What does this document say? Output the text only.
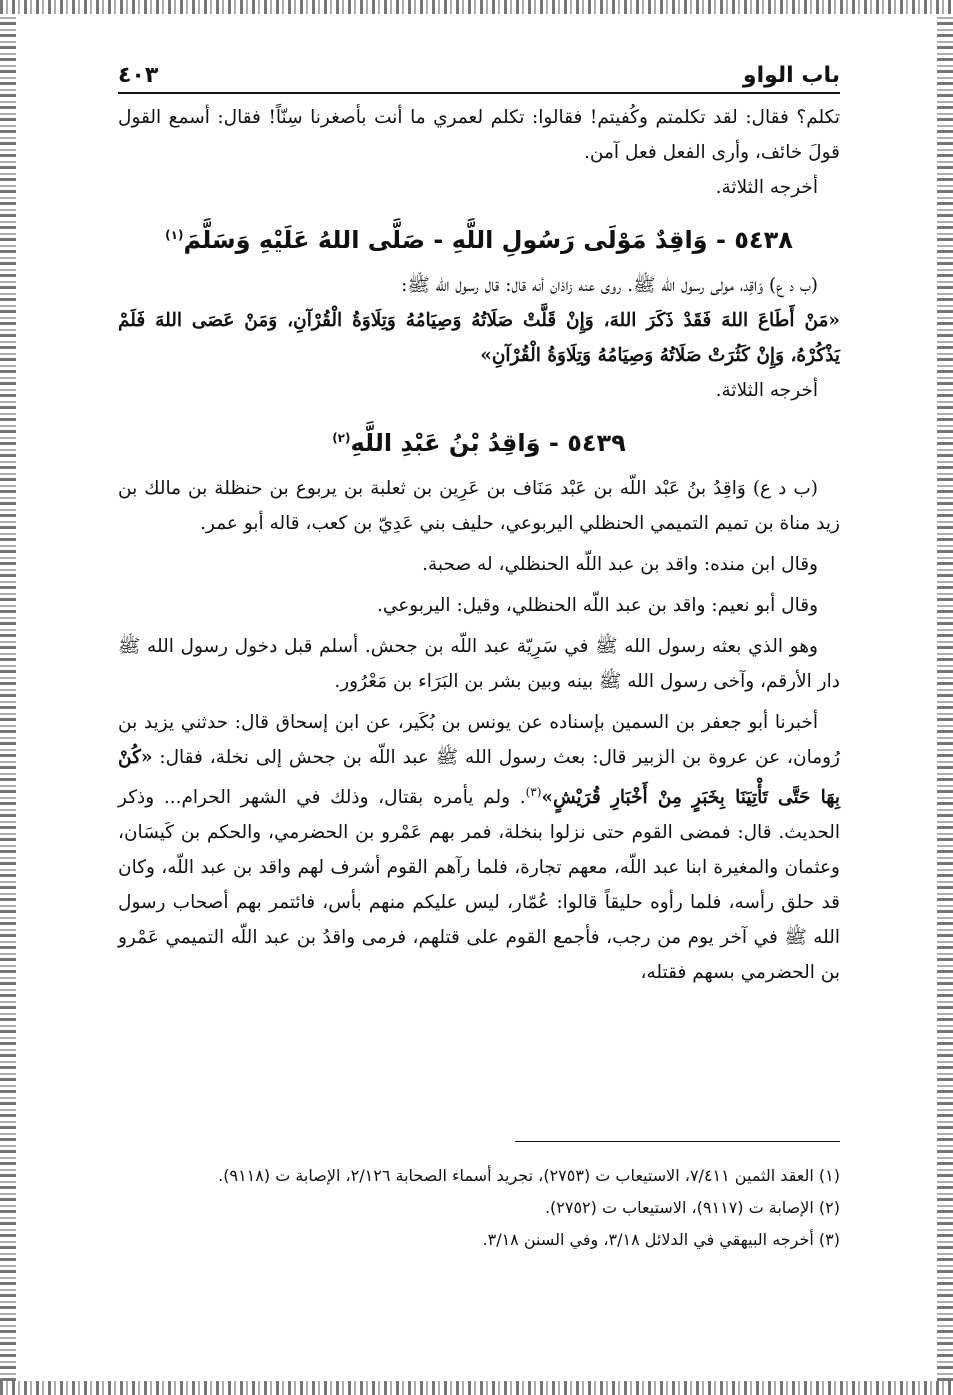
باب الواو
٤٠٣

تكلم؟ فقال: لقد تكلمتم وكُفيتم! فقالوا: تكلم لعمري ما أنت بأصغرنا سِنّاً! فقال: أسمع القول قولَ خائف، وأرى الفعل فعل آمن.

أخرجه الثلاثة.

٥٤٣٨ - وَاقِدٌ مَوْلَى رَسُولِ اللَّهِ - صَلَّى اللهُ عَلَيْهِ وَسَلَّمَ$^{(١)}$

(ب د ع) وَاقِد، مولى رسول الله ﷺ. روى عنه زاذان أنه قال: قال رسول الله ﷺ:

«مَنْ أَطَاعَ اللهَ فَقَدْ ذَكَرَ اللهَ، وَإِنْ قَلَّتْ صَلَاتُهُ وَصِيَامُهُ وَتِلَاوَةُ الْقُرْآنِ، وَمَنْ عَصَى اللهَ فَلَمْ يَذْكُرْهُ، وَإِنْ كَثُرَتْ صَلَاتُهُ وَصِيَامُهُ وَتِلَاوَةُ الْقُرْآنِ»

أخرجه الثلاثة.

٥٤٣٩ - وَاقِدُ بْنُ عَبْدِ اللَّهِ$^{(٢)}$

(ب د ع) وَاقِدُ بنُ عَبْد اللّه بن عَبْد مَنَاف بن عَرِين بن ثعلبة بن يربوع بن حنظلة بن مالك بن زيد مناة بن تميم التميمي الحنظلي اليربوعي، حليف بني عَدِيّ بن كعب، قاله أبو عمر.

وقال ابن منده: واقد بن عبد اللّه الحنظلي، له صحبة.

وقال أبو نعيم: واقد بن عبد اللّه الحنظلي، وقيل: اليربوعي.

وهو الذي بعثه رسول الله ﷺ في سَرِيّة عبد اللّه بن جحش. أسلم قبل دخول رسول الله ﷺ دار الأرقم، وآخى رسول الله ﷺ بينه وبين بشر بن البَرَاء بن مَعْرُور.

أخبرنا أبو جعفر بن السمين بإسناده عن يونس بن بُكَير، عن ابن إسحاق قال: حدثني يزيد بن رُومان، عن عروة بن الزبير قال: بعث رسول الله ﷺ عبد اللّه بن جحش إلى نخلة، فقال: «كُنْ بِهَا حَتَّى تَأْتِيَنَا بِخَبَرٍ مِنْ أَخْبَارِ قُرَيْشٍ»$^{(٣)}$. ولم يأمره بقتال، وذلك في الشهر الحرام... وذكر الحديث. قال: فمضى القوم حتى نزلوا بنخلة، فمر بهم عَمْرو بن الحضرمي، والحكم بن كَيسَان، وعثمان والمغيرة ابنا عبد اللّه، معهم تجارة، فلما رآهم القوم أشرف لهم واقد بن عبد اللّه، وكان قد حلق رأسه، فلما رأوه حليقاً قالوا: عُمّار، ليس عليكم منهم بأس، فائتمر بهم أصحاب رسول الله ﷺ في آخر يوم من رجب، فأجمع القوم على قتلهم، فرمى واقدُ بن عبد اللّه التميمي عَمْرو بن الحضرمي بسهم فقتله،

(١) العقد الثمين ٧/٤١١، الاستيعاب ت (٢٧٥٣)، تجريد أسماء الصحابة ٢/١٢٦، الإصابة ت (٩١١٨).

(٢) الإصابة ت (٩١١٧)، الاستيعاب ت (٢٧٥٢).

(٣) أخرجه البيهقي في الدلائل ٣/١٨، وفي السنن ٣/١٨.
